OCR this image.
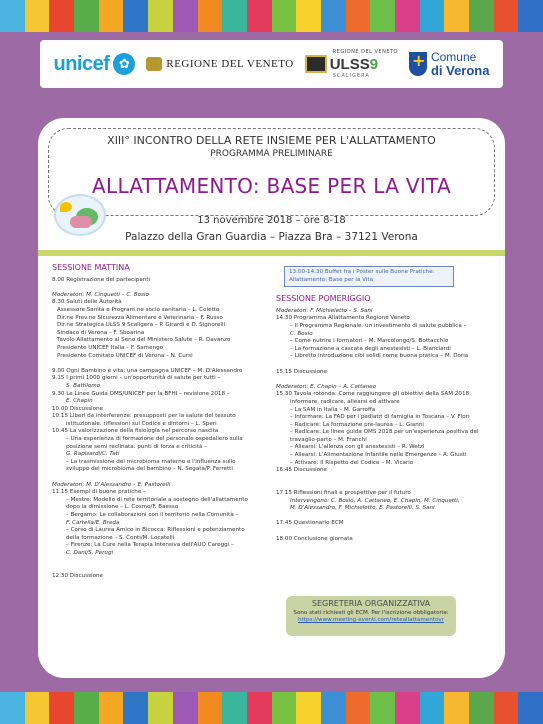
unicef ✿	REGIONE DEL VENETO
REGIONE DEL VENETO
ULSS9
SCALIGERA
+
Comune
di Verona
XIII° INCONTRO DELLA RETE INSIEME PER L'ALLATTAMENTO
PROGRAMMA PRELIMINARE
ALLATTAMENTO: BASE PER LA VITA
13 novembre 2018 – ore 8-18
Palazzo della Gran Guardia – Piazza Bra – 37121 Verona
SESSIONE MATTINA
8.00 Registrazione dei partecipanti
Moderatori: M. Cinquetti – C. Bosio
8.30 Saluti delle Autorità
Assessore Sanità e Program.ne socio sanitaria – L. Coletto
Dir.ne Prev.ne Sicurezza Alimentare e Veterinaria – F. Russo
Dir.ne Strategica ULSS 9 Scaligera – P. Girardi e D. Signorelli
Sindaco di Verona – F. Sboarina
Tavolo Allattamento al Seno del Ministero Salute – R. Davanzo
Presidente UNICEF Italia – F. Samengo
Presidente Comitato UNICEF di Verona – N. Cursi
9.00 Ogni Bambino è vita: una campagna UNICEF – M. D'Alessandro
9.15 I primi 1000 giorni – un'opportunità di salute per tutti –
S. Battilomo
9.30 Le Linee Guida OMS/UNICEF per la BFHI – revisione 2018 –
E. Chapin
10.00 Discussione
10.15 Liberi da interferenze: presupposti per la salute del tessuto
istituzionale, riflessioni sul Codice e dintorni – L. Speri
10.45 La valorizzazione della fisiologia nel percorso nascita
– Una esperienza di formazione del personale ospedaliero sulla
posizione semi reclinata: punti di forza e criticità –
G. Rapisardi/C. Tati
– La trasmissione del microbioma materno e l'influenza sullo
sviluppo del microbioma del bambino – N. Segata/P. Ferretti
Moderatori: M. D'Alessandro – E. Pastorelli
11.15 Esempi di buone pratiche –
– Mestre: Modello di rete territoriale a sostegno dell'allattamento
dopo la dimissione – L. Cosmo/F. Baesso
– Bergamo: Le collaborazioni con il territorio nella Comunità –
F. Cartella/E. Breda
– Corso di Laurea Amico in Bicocca: Riflessioni e potenziamento
della formazione – S. Conti/M. Locatelli
– Firenze: La Cure nella Terapia Intensiva dell'AUO Careggi –
C. Dani/S. Perugi
12.30 Discussione
13.00-14.30 Buffet fra i Poster sulle Buone Pratiche:
Allattamento: Base per la Vita
SESSIONE POMERIGGIO
Moderatori: F. Michieletto – S. Sani
14.30 Programma Allattamento Regione Veneto
– Il Programma Regionale: un investimento di salute pubblica –
C. Bosio
– Come nutrire i formatori – M. Marcolongo/S. Bottacchio
– La formazione a cascata degli anestesisti – L. Bianciardi
– Libretto introduzione cibi solidi come buona pratica – M. Doria
15.15 Discussione
Moderatori: E. Chapin – A. Cattaneo
15.30 Tavola rotonda: Come raggiungere gli obiettivi della SAM 2018:
informare, radicare, allearsi ed attivare
– La SAM in Italia – M. Garroffa
– Informare: La FAD per i pediatri di famiglia in Toscana – V. Flori
– Radicare: La formazione pre-laurea – L. Gianni
– Radicare: Le linee guida OMS 2018 per un'esperienza positiva del
travaglio-parto – M. Franchi
– Allearsi: L'allenza con gli anestesisti – R. Wetzl
– Allearsi: L'Alimentazione Infantile nelle Emergenze – A. Giusti
– Attivare: Il Rispetto del Codice – M. Vicario
16.45 Discussione
17.15 Riflessioni finali e prospettive per il futuro
Intervengono: C. Bosio, A. Cattaneo, E. Chapin, M. Cinquetti,
M. D'Alessandro, F. Michieletto, E. Pastorelli, S. Sani
17.45 Questionario ECM
18.00 Conclusione giornata
SEGRETERIA ORGANIZZATIVA
Sono stati richiesti gli ECM. Per l'iscrizione obbligatoria:
https://www.meeting-eventi.com/reteallattamentovr
